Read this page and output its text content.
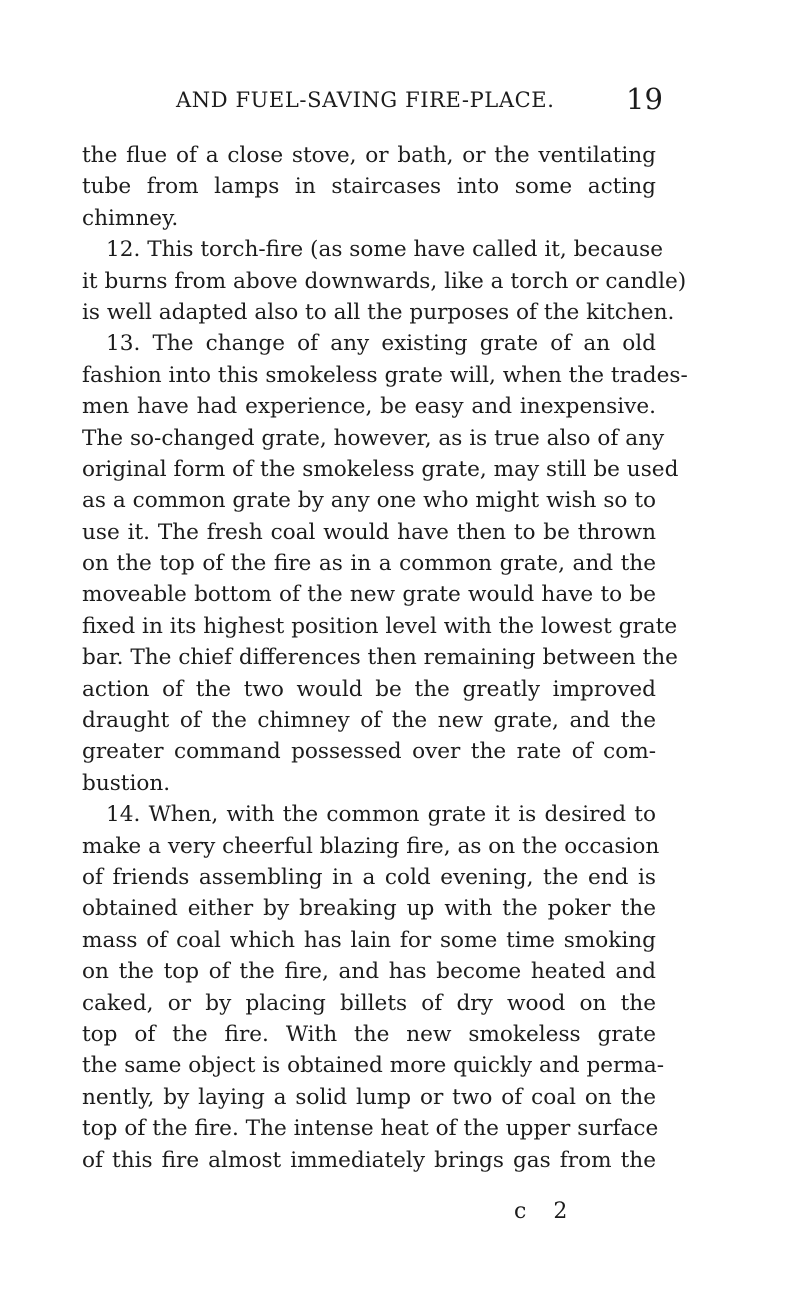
AND FUEL-SAVING FIRE-PLACE.	19
the flue of a close stove, or bath, or the ventilating
tube from lamps in staircases into some acting
chimney.
12. This torch-fire (as some have called it, because
it burns from above downwards, like a torch or candle)
is well adapted also to all the purposes of the kitchen.
13. The change of any existing grate of an old
fashion into this smokeless grate will, when the trades-
men have had experience, be easy and inexpensive.
The so-changed grate, however, as is true also of any
original form of the smokeless grate, may still be used
as a common grate by any one who might wish so to
use it. The fresh coal would have then to be thrown
on the top of the fire as in a common grate, and the
moveable bottom of the new grate would have to be
fixed in its highest position level with the lowest grate
bar. The chief differences then remaining between the
action of the two would be the greatly improved
draught of the chimney of the new grate, and the
greater command possessed over the rate of com-
bustion.
14. When, with the common grate it is desired to
make a very cheerful blazing fire, as on the occasion
of friends assembling in a cold evening, the end is
obtained either by breaking up with the poker the
mass of coal which has lain for some time smoking
on the top of the fire, and has become heated and
caked, or by placing billets of dry wood on the
top of the fire. With the new smokeless grate
the same object is obtained more quickly and perma-
nently, by laying a solid lump or two of coal on the
top of the fire. The intense heat of the upper surface
of this fire almost immediately brings gas from the
c 2
